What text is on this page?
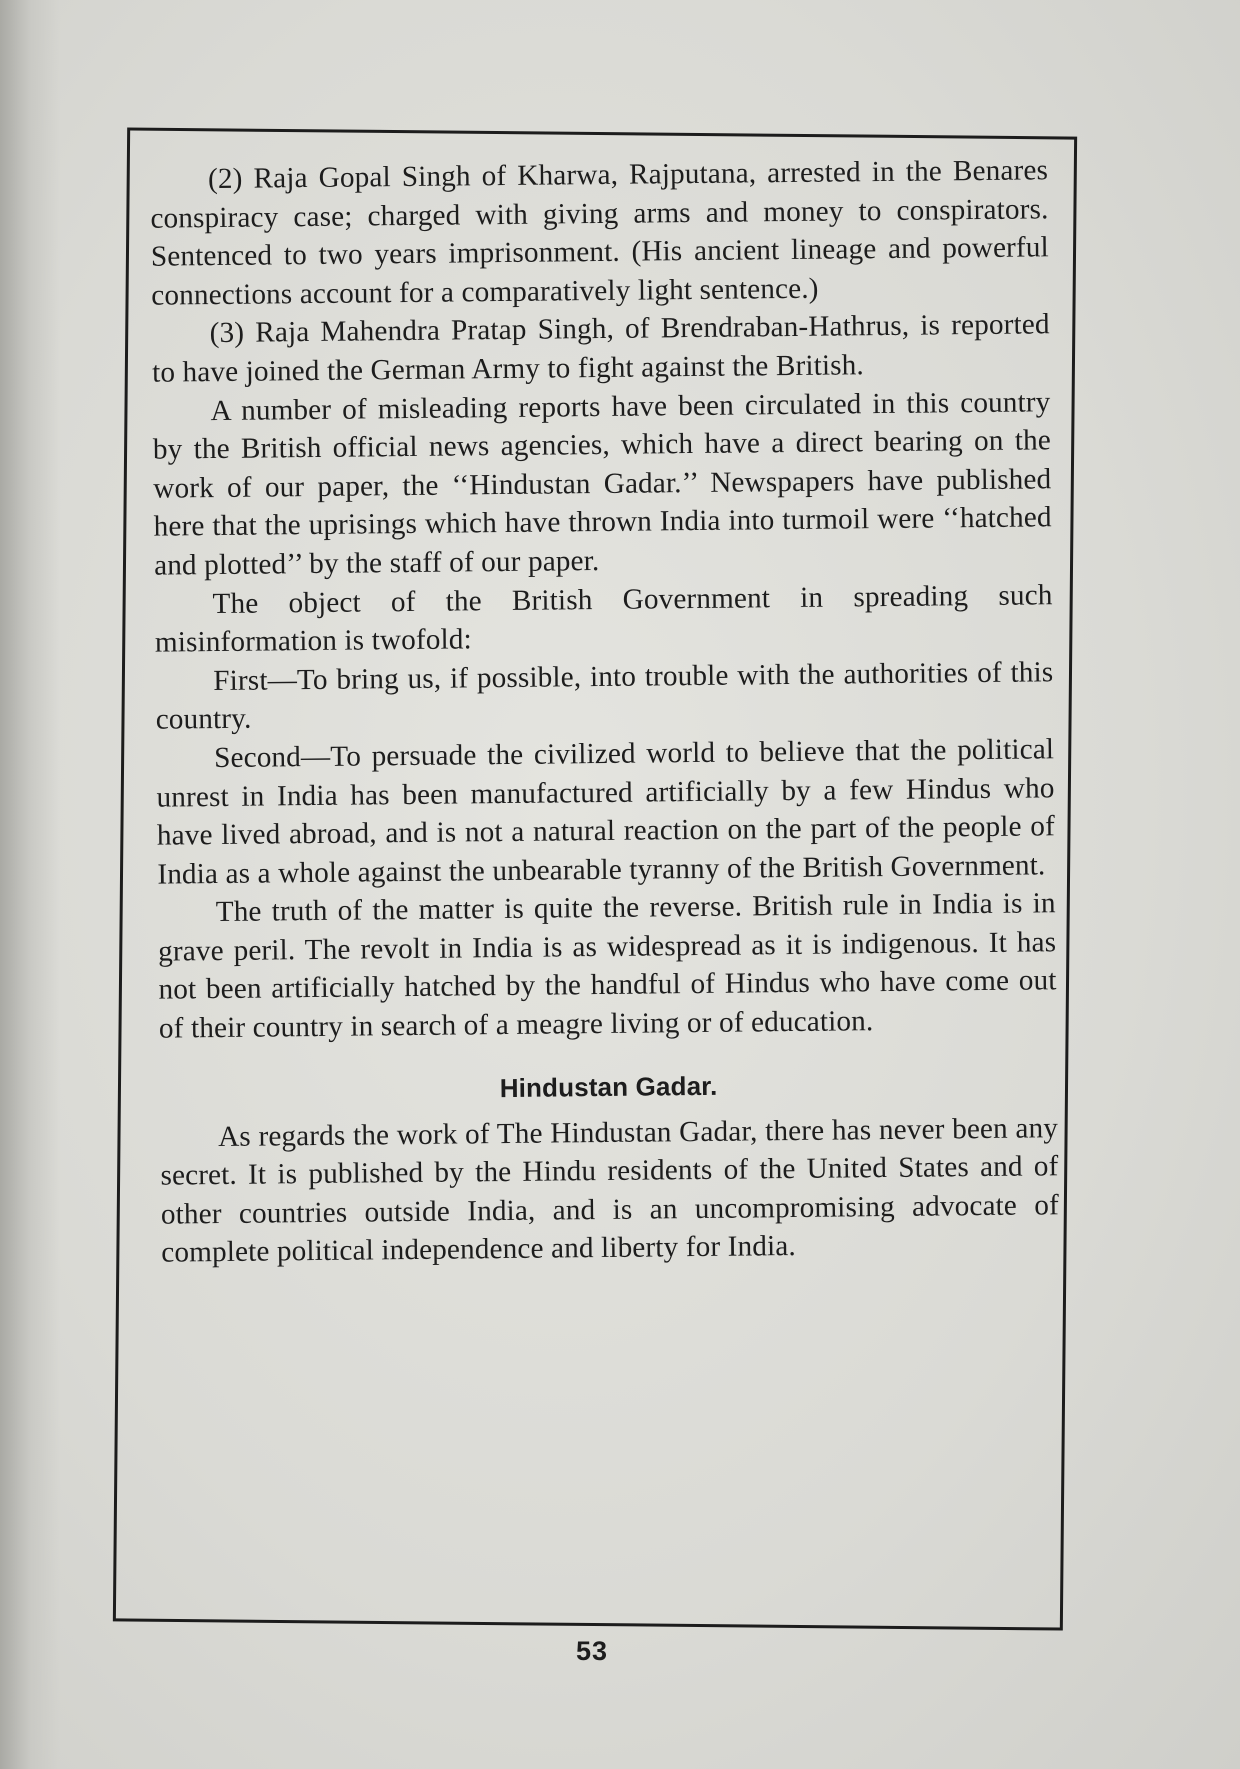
(2) Raja Gopal Singh of Kharwa, Rajputana, arrested in the Benares conspiracy case; charged with giving arms and money to conspirators. Sentenced to two years imprisonment. (His ancient lineage and powerful connections account for a comparatively light sentence.)

(3) Raja Mahendra Pratap Singh, of Brendraban-Hathrus, is reported to have joined the German Army to fight against the British.

A number of misleading reports have been circulated in this country by the British official news agencies, which have a direct bearing on the work of our paper, the ‘‘Hindustan Gadar.’’ Newspapers have published here that the uprisings which have thrown India into turmoil were ‘‘hatched and plotted’’ by the staff of our paper.

The object of the British Government in spreading such misinformation is twofold:

First—To bring us, if possible, into trouble with the authorities of this country.

Second—To persuade the civilized world to believe that the political unrest in India has been manufactured artificially by a few Hindus who have lived abroad, and is not a natural reaction on the part of the people of India as a whole against the unbearable tyranny of the British Government.

The truth of the matter is quite the reverse. British rule in India is in grave peril. The revolt in India is as widespread as it is indigenous. It has not been artificially hatched by the handful of Hindus who have come out of their country in search of a meagre living or of education.

Hindustan Gadar.

As regards the work of The Hindustan Gadar, there has never been any secret. It is published by the Hindu residents of the United States and of other countries outside India, and is an uncompromising advocate of complete political independence and liberty for India.

53
